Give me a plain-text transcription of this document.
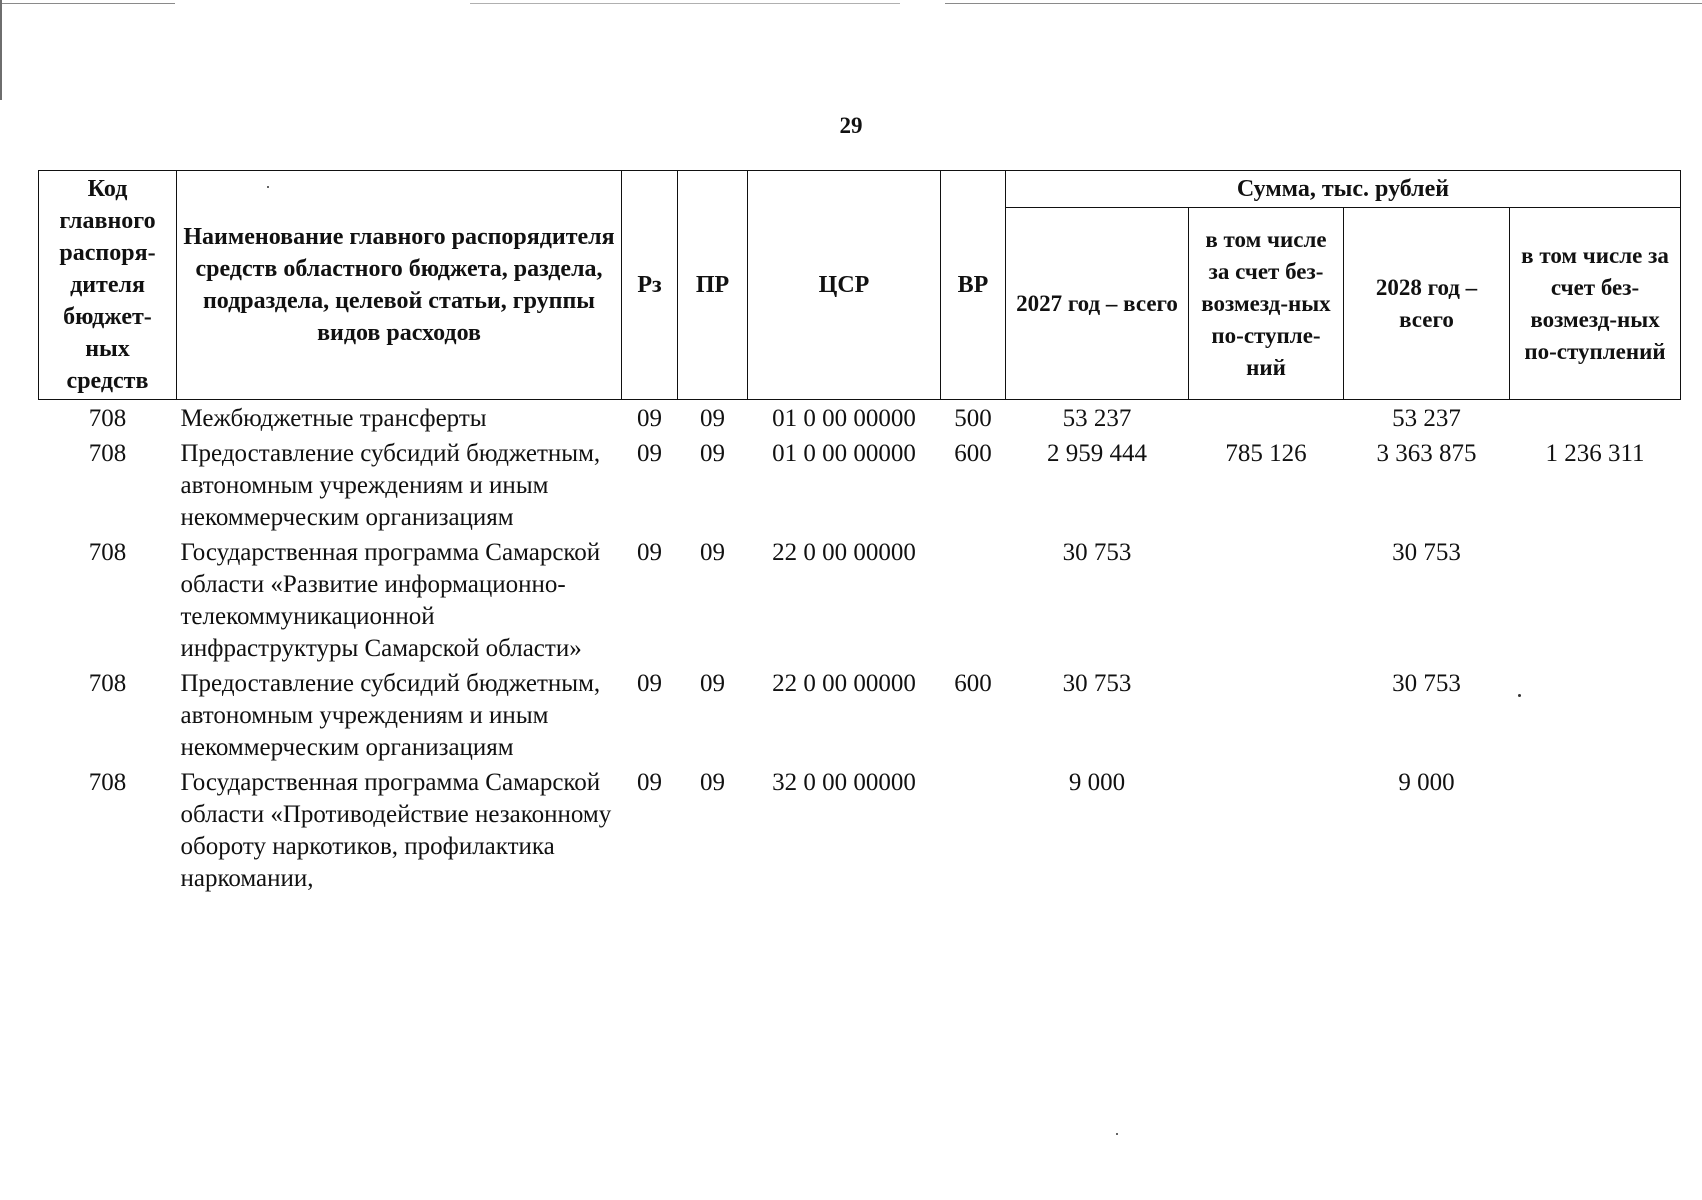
29
Код главного распоря-дителя бюджет-ных средств	Наименование главного распорядителя средств областного бюджета, раздела, подраздела, целевой статьи, группы видов расходов	Рз	ПР	ЦСР	ВР	Сумма, тыс. рублей			
						2027 год – всего	в том числе за счет без-возмезд-ных по-ступле-ний	2028 год – всего	в том числе за счет без-возмезд-ных по-ступлений
708	Межбюджетные трансферты	09	09	01 0 00 00000	500	53 237		53 237	
708	Предоставление субсидий бюджетным, автономным учреждениям и иным некоммерческим организациям	09	09	01 0 00 00000	600	2 959 444	785 126	3 363 875	1 236 311
708	Государственная программа Самарской области «Развитие информационно-телекоммуникационной инфраструктуры Самарской области»	09	09	22 0 00 00000		30 753		30 753	
708	Предоставление субсидий бюджетным, автономным учреждениям и иным некоммерческим организациям	09	09	22 0 00 00000	600	30 753		30 753	
708	Государственная программа Самарской области «Противодействие незаконному обороту наркотиков, профилактика наркомании,	09	09	32 0 00 00000		9 000		9 000	
